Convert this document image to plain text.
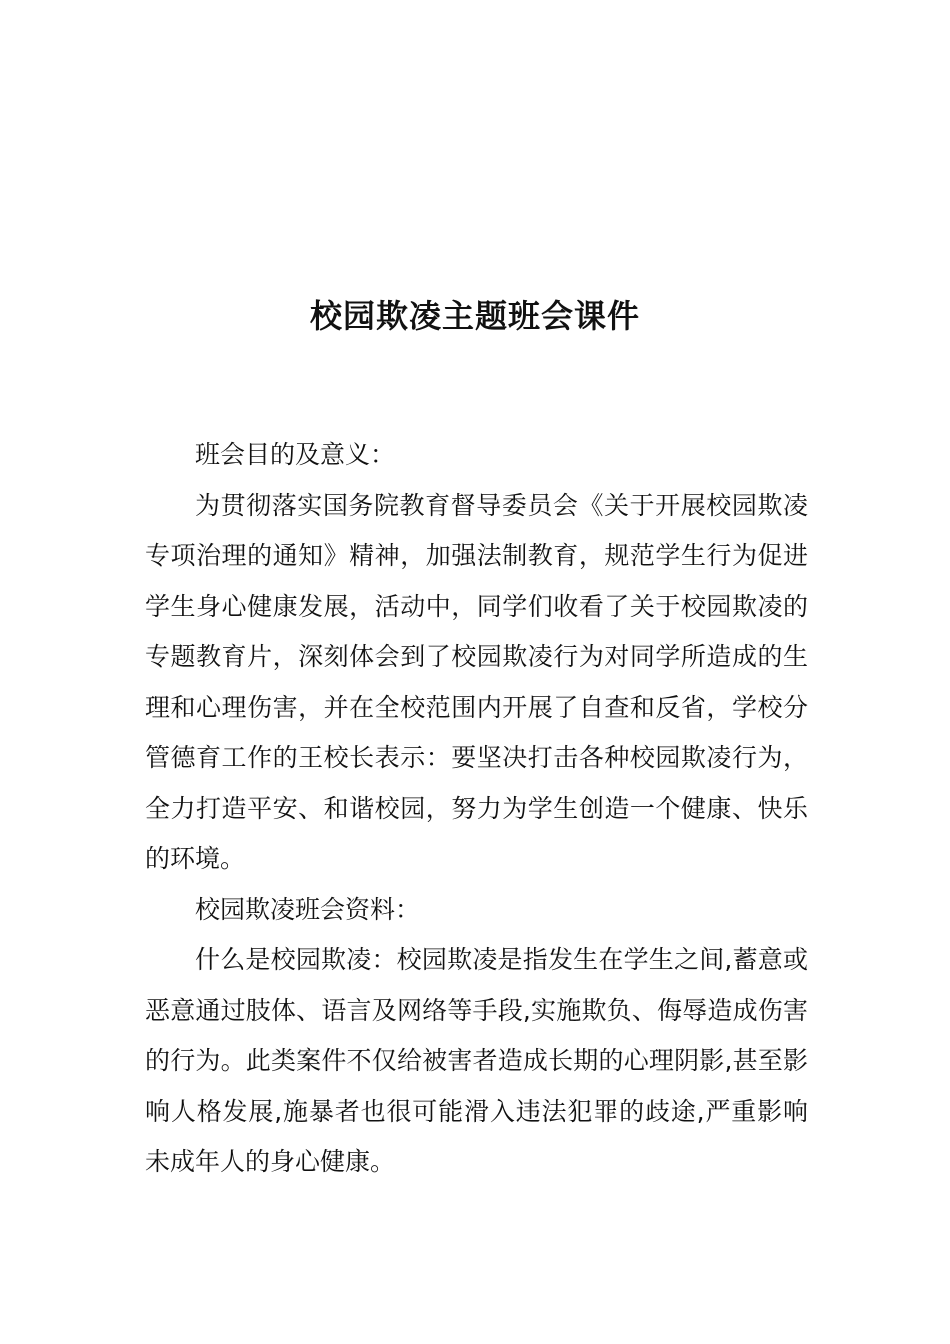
校园欺凌主题班会课件

班会目的及意义：

为贯彻落实国务院教育督导委员会《关于开展校园欺凌专项治理的通知》精神，加强法制教育，规范学生行为促进学生身心健康发展，活动中，同学们收看了关于校园欺凌的专题教育片，深刻体会到了校园欺凌行为对同学所造成的生理和心理伤害，并在全校范围内开展了自查和反省，学校分管德育工作的王校长表示：要坚决打击各种校园欺凌行为，全力打造平安、和谐校园，努力为学生创造一个健康、快乐的环境。

校园欺凌班会资料：

什么是校园欺凌：校园欺凌是指发生在学生之间,蓄意或恶意通过肢体、语言及网络等手段,实施欺负、侮辱造成伤害的行为。此类案件不仅给被害者造成长期的心理阴影,甚至影响人格发展,施暴者也很可能滑入违法犯罪的歧途,严重影响未成年人的身心健康。
